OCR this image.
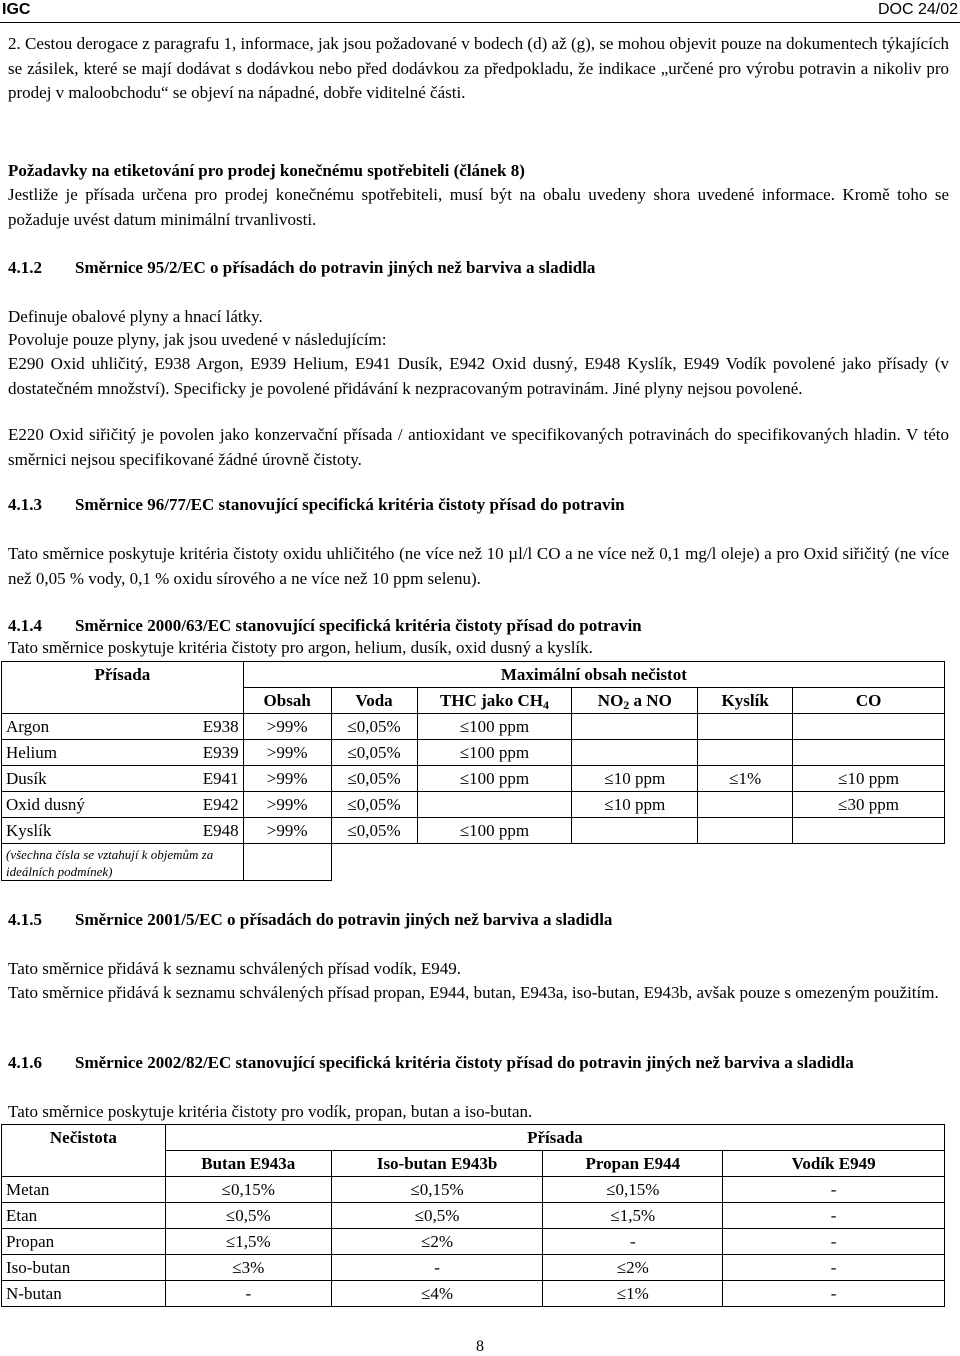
IGC	DOC 24/02

2. Cestou derogace z paragrafu 1, informace, jak jsou požadované v bodech (d) až (g), se mohou objevit pouze na dokumentech týkajících se zásilek, které se mají dodávat s dodávkou nebo před dodávkou za předpokladu, že indikace „určené pro výrobu potravin a nikoliv pro prodej v maloobchodu“ se objeví na nápadné, dobře viditelné části.

Požadavky na etiketování pro prodej konečnému spotřebiteli (článek 8)

Jestliže je přísada určena pro prodej konečnému spotřebiteli, musí být na obalu uvedeny shora uvedené informace. Kromě toho se požaduje uvést datum minimální trvanlivosti.

4.1.2 Směrnice 95/2/EC o přísadách do potravin jiných než barviva a sladidla

Definuje obalové plyny a hnací látky.

Povoluje pouze plyny, jak jsou uvedené v následujícím:

E290 Oxid uhličitý, E938 Argon, E939 Helium, E941 Dusík, E942 Oxid dusný, E948 Kyslík, E949 Vodík povolené jako přísady (v dostatečném množství). Specificky je povolené přidávání k nezpracovaným potravinám. Jiné plyny nejsou povolené.

E220 Oxid siřičitý je povolen jako konzervační přísada / antioxidant ve specifikovaných potravinách do specifikovaných hladin. V této směrnici nejsou specifikované žádné úrovně čistoty.

4.1.3 Směrnice 96/77/EC stanovující specifická kritéria čistoty přísad do potravin

Tato směrnice poskytuje kritéria čistoty oxidu uhličitého (ne více než 10 µl/l CO a ne více než 0,1 mg/l oleje) a pro Oxid siřičitý (ne více než 0,05 % vody, 0,1 % oxidu sírového a ne více než 10 ppm selenu).

4.1.4 Směrnice 2000/63/EC stanovující specifická kritéria čistoty přísad do potravin

Tato směrnice poskytuje kritéria čistoty pro argon, helium, dusík, oxid dusný a kyslík.

Přísada	Maximální obsah nečistot					
	Obsah	Voda	THC jako $CH_4$	$NO_2$ a NO	Kyslík	CO
Argon E938	>99%	≤0,05%	≤100 ppm			
Helium E939	>99%	≤0,05%	≤100 ppm			
Dusík E941	>99%	≤0,05%	≤100 ppm	≤10 ppm	≤1%	≤10 ppm
Oxid dusný E942	>99%	≤0,05%		≤10 ppm		≤30 ppm
Kyslík E948	>99%	≤0,05%	≤100 ppm			
(všechna čísla se vztahují k objemům za ideálních podmínek)						
4.1.5 Směrnice 2001/5/EC o přísadách do potravin jiných než barviva a sladidla

Tato směrnice přidává k seznamu schválených přísad vodík, E949.

Tato směrnice přidává k seznamu schválených přísad propan, E944, butan, E943a, iso-butan, E943b, avšak pouze s omezeným použitím.

4.1.6	Směrnice 2002/82/EC stanovující specifická kritéria čistoty přísad do potravin jiných než barviva a sladidla

Tato směrnice poskytuje kritéria čistoty pro vodík, propan, butan a iso-butan.

Nečistota	Přísada			
	Butan E943a	Iso-butan E943b	Propan E944	Vodík E949
Metan	≤0,15%	≤0,15%	≤0,15%	-
Etan	≤0,5%	≤0,5%	≤1,5%	-
Propan	≤1,5%	≤2%	-	-
Iso-butan	≤3%	-	≤2%	-
N-butan	-	≤4%	≤1%	-
8
